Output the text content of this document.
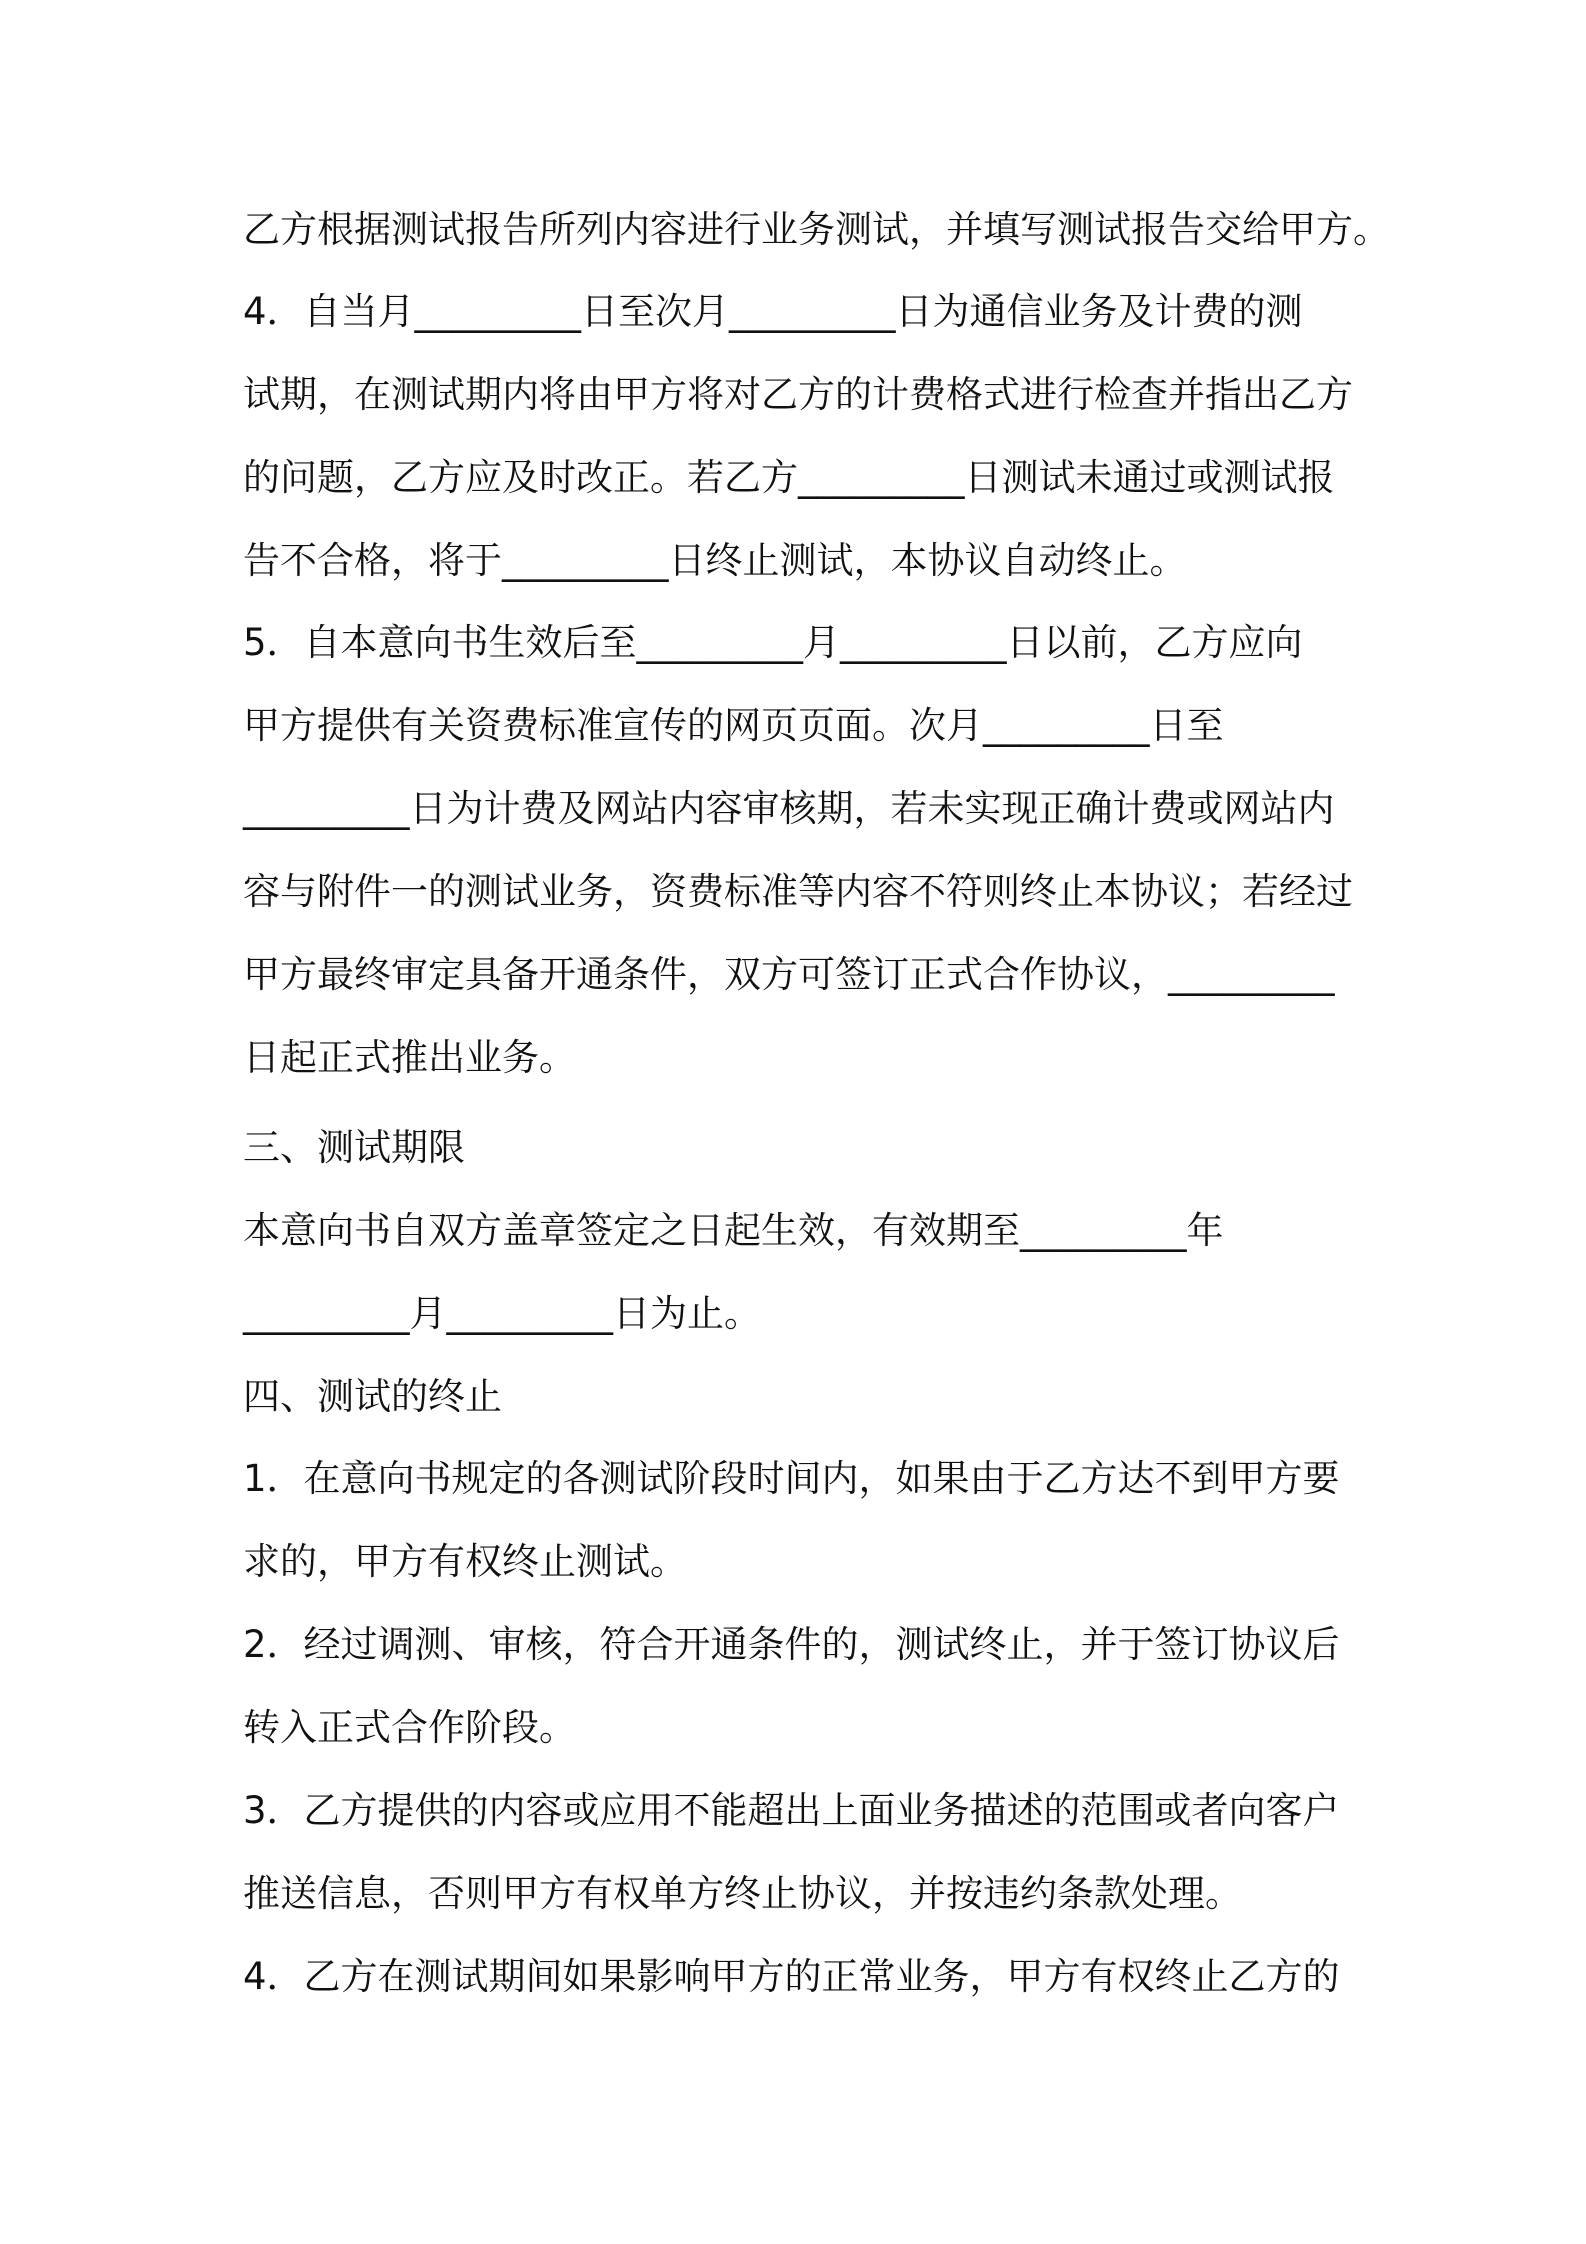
乙方根据测试报告所列内容进行业务测试，并填写测试报告交给甲方。
4．自当月_________日至次月_________日为通信业务及计费的测
试期，在测试期内将由甲方将对乙方的计费格式进行检查并指出乙方
的问题，乙方应及时改正。若乙方_________日测试未通过或测试报
告不合格，将于_________日终止测试，本协议自动终止。
5．自本意向书生效后至_________月_________日以前，乙方应向
甲方提供有关资费标准宣传的网页页面。次月_________日至
_________日为计费及网站内容审核期，若未实现正确计费或网站内
容与附件一的测试业务，资费标准等内容不符则终止本协议；若经过
甲方最终审定具备开通条件，双方可签订正式合作协议，_________
日起正式推出业务。
三、测试期限
本意向书自双方盖章签定之日起生效，有效期至_________年
_________月_________日为止。
四、测试的终止
1．在意向书规定的各测试阶段时间内，如果由于乙方达不到甲方要
求的，甲方有权终止测试。
2．经过调测、审核，符合开通条件的，测试终止，并于签订协议后
转入正式合作阶段。
3．乙方提供的内容或应用不能超出上面业务描述的范围或者向客户
推送信息，否则甲方有权单方终止协议，并按违约条款处理。
4．乙方在测试期间如果影响甲方的正常业务，甲方有权终止乙方的
